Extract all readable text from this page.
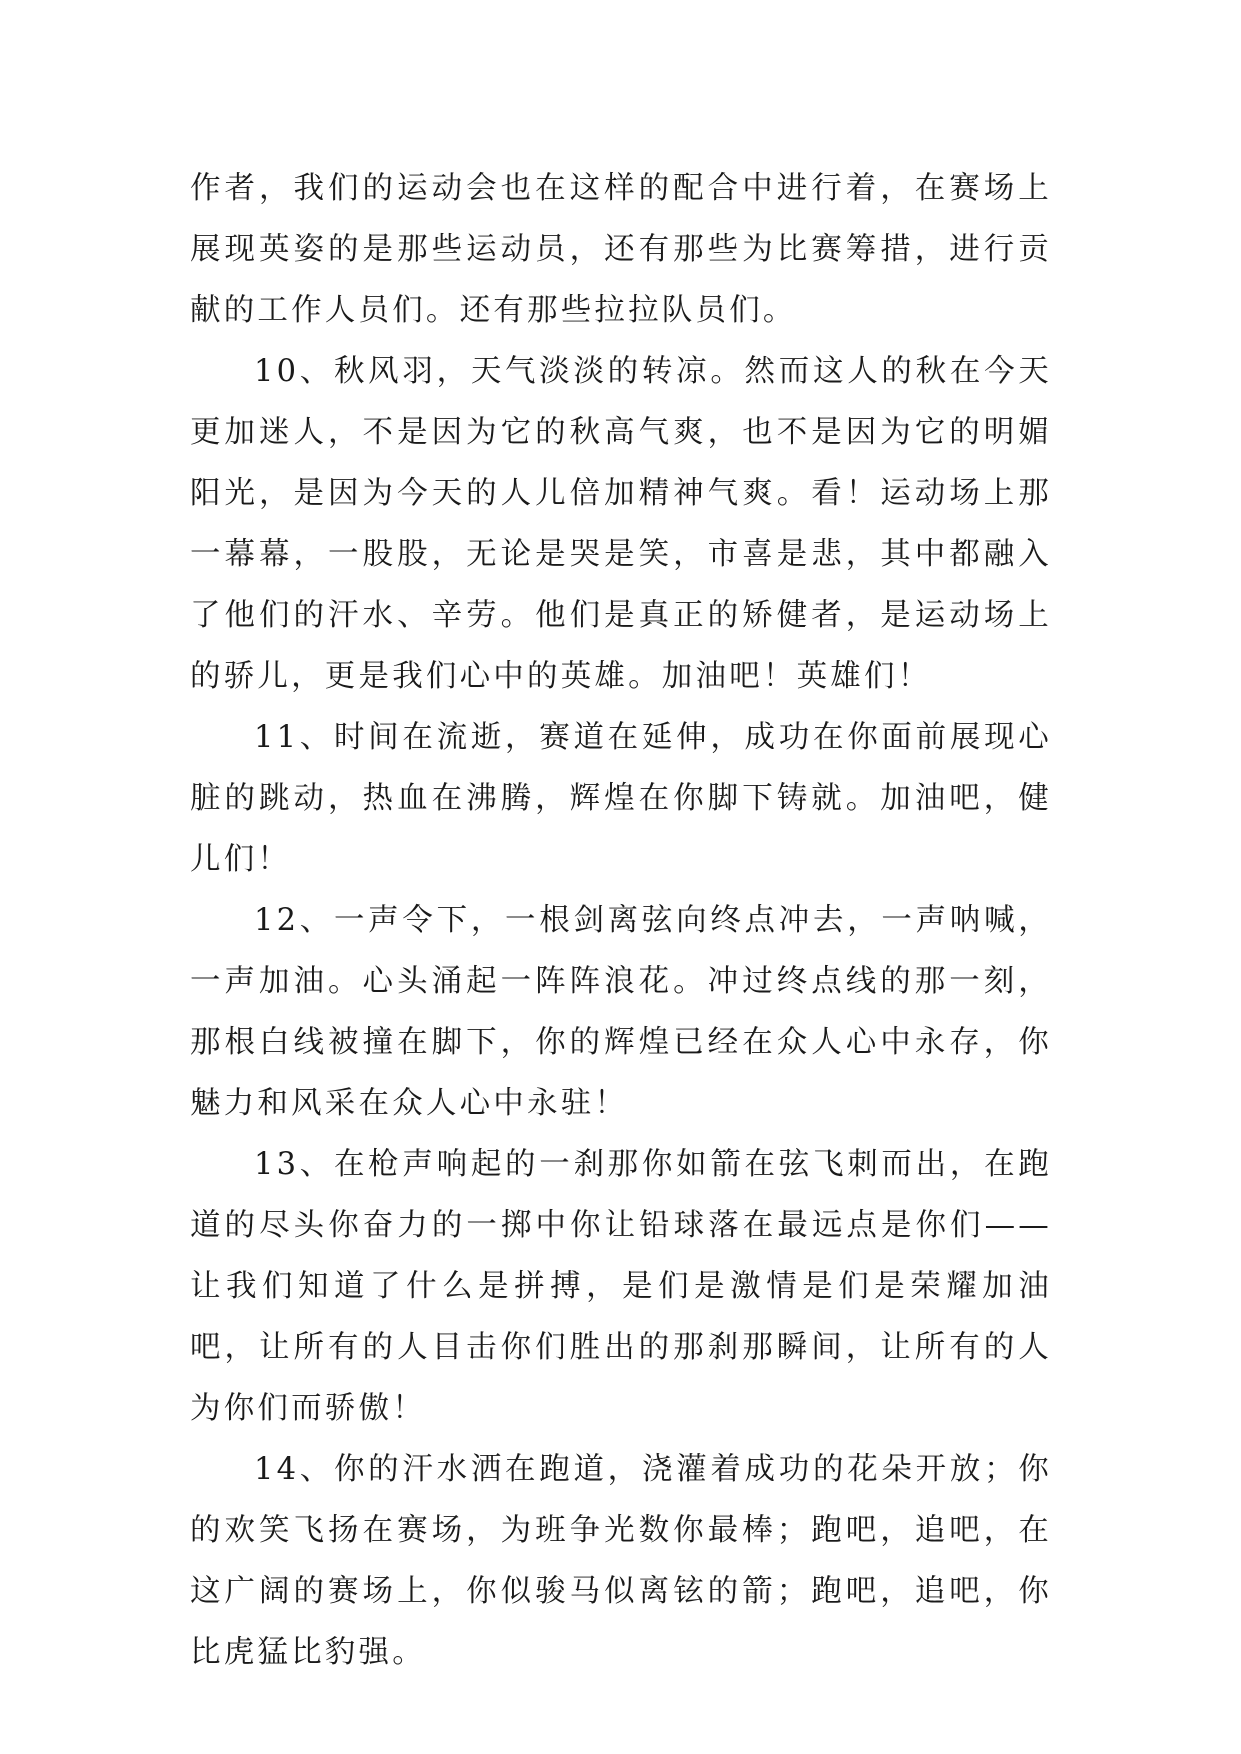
作者，我们的运动会也在这样的配合中进行着，在赛场上展现英姿的是那些运动员，还有那些为比赛筹措，进行贡献的工作人员们。还有那些拉拉队员们。

10、秋风羽，天气淡淡的转凉。然而这人的秋在今天更加迷人，不是因为它的秋高气爽，也不是因为它的明媚阳光，是因为今天的人儿倍加精神气爽。看！运动场上那一幕幕，一股股，无论是哭是笑，市喜是悲，其中都融入了他们的汗水、辛劳。他们是真正的矫健者，是运动场上的骄儿，更是我们心中的英雄。加油吧！英雄们！

11、时间在流逝，赛道在延伸，成功在你面前展现心脏的跳动，热血在沸腾，辉煌在你脚下铸就。加油吧，健儿们！

12、一声令下，一根剑离弦向终点冲去，一声呐喊，一声加油。心头涌起一阵阵浪花。冲过终点线的那一刻，那根白线被撞在脚下，你的辉煌已经在众人心中永存，你魅力和风采在众人心中永驻！

13、在枪声响起的一刹那你如箭在弦飞刺而出，在跑道的尽头你奋力的一掷中你让铅球落在最远点是你们——让我们知道了什么是拼搏，是们是激情是们是荣耀加油吧，让所有的人目击你们胜出的那刹那瞬间，让所有的人为你们而骄傲！

14、你的汗水洒在跑道，浇灌着成功的花朵开放；你的欢笑飞扬在赛场，为班争光数你最棒；跑吧，追吧，在这广阔的赛场上，你似骏马似离铉的箭；跑吧，追吧，你比虎猛比豹强。
